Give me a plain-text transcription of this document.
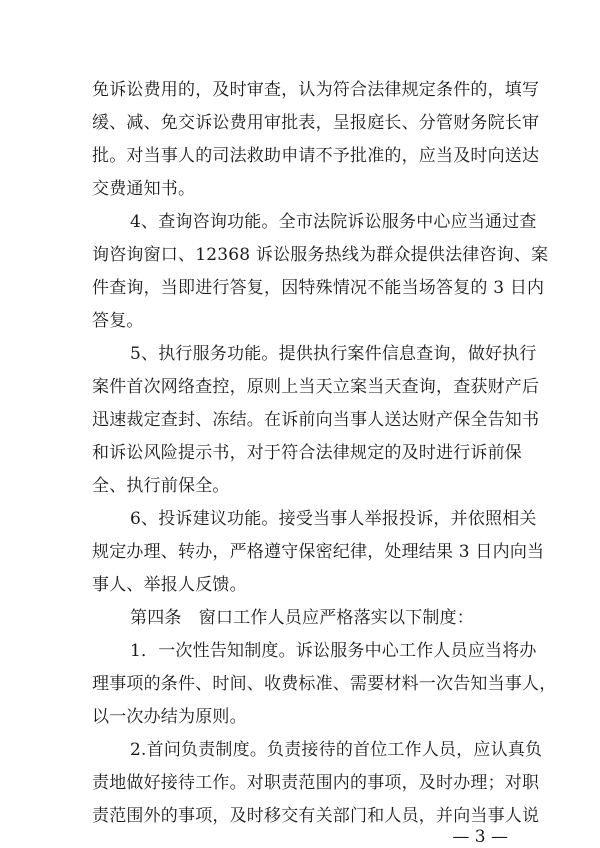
免诉讼费用的，及时审查，认为符合法律规定条件的，填写
缓、减、免交诉讼费用审批表，呈报庭长、分管财务院长审
批。对当事人的司法救助申请不予批准的，应当及时向送达
交费通知书。
4、查询咨询功能。全市法院诉讼服务中心应当通过查
询咨询窗口、12368 诉讼服务热线为群众提供法律咨询、案
件查询，当即进行答复，因特殊情况不能当场答复的 3 日内
答复。
5、执行服务功能。提供执行案件信息查询，做好执行
案件首次网络查控，原则上当天立案当天查询，查获财产后
迅速裁定查封、冻结。在诉前向当事人送达财产保全告知书
和诉讼风险提示书，对于符合法律规定的及时进行诉前保
全、执行前保全。
6、投诉建议功能。接受当事人举报投诉，并依照相关
规定办理、转办，严格遵守保密纪律，处理结果 3 日内向当
事人、举报人反馈。
第四条　窗口工作人员应严格落实以下制度：
1．一次性告知制度。诉讼服务中心工作人员应当将办
理事项的条件、时间、收费标准、需要材料一次告知当事人，
以一次办结为原则。
2.首问负责制度。负责接待的首位工作人员，应认真负
责地做好接待工作。对职责范围内的事项，及时办理；对职
责范围外的事项，及时移交有关部门和人员，并向当事人说
— 3 —
